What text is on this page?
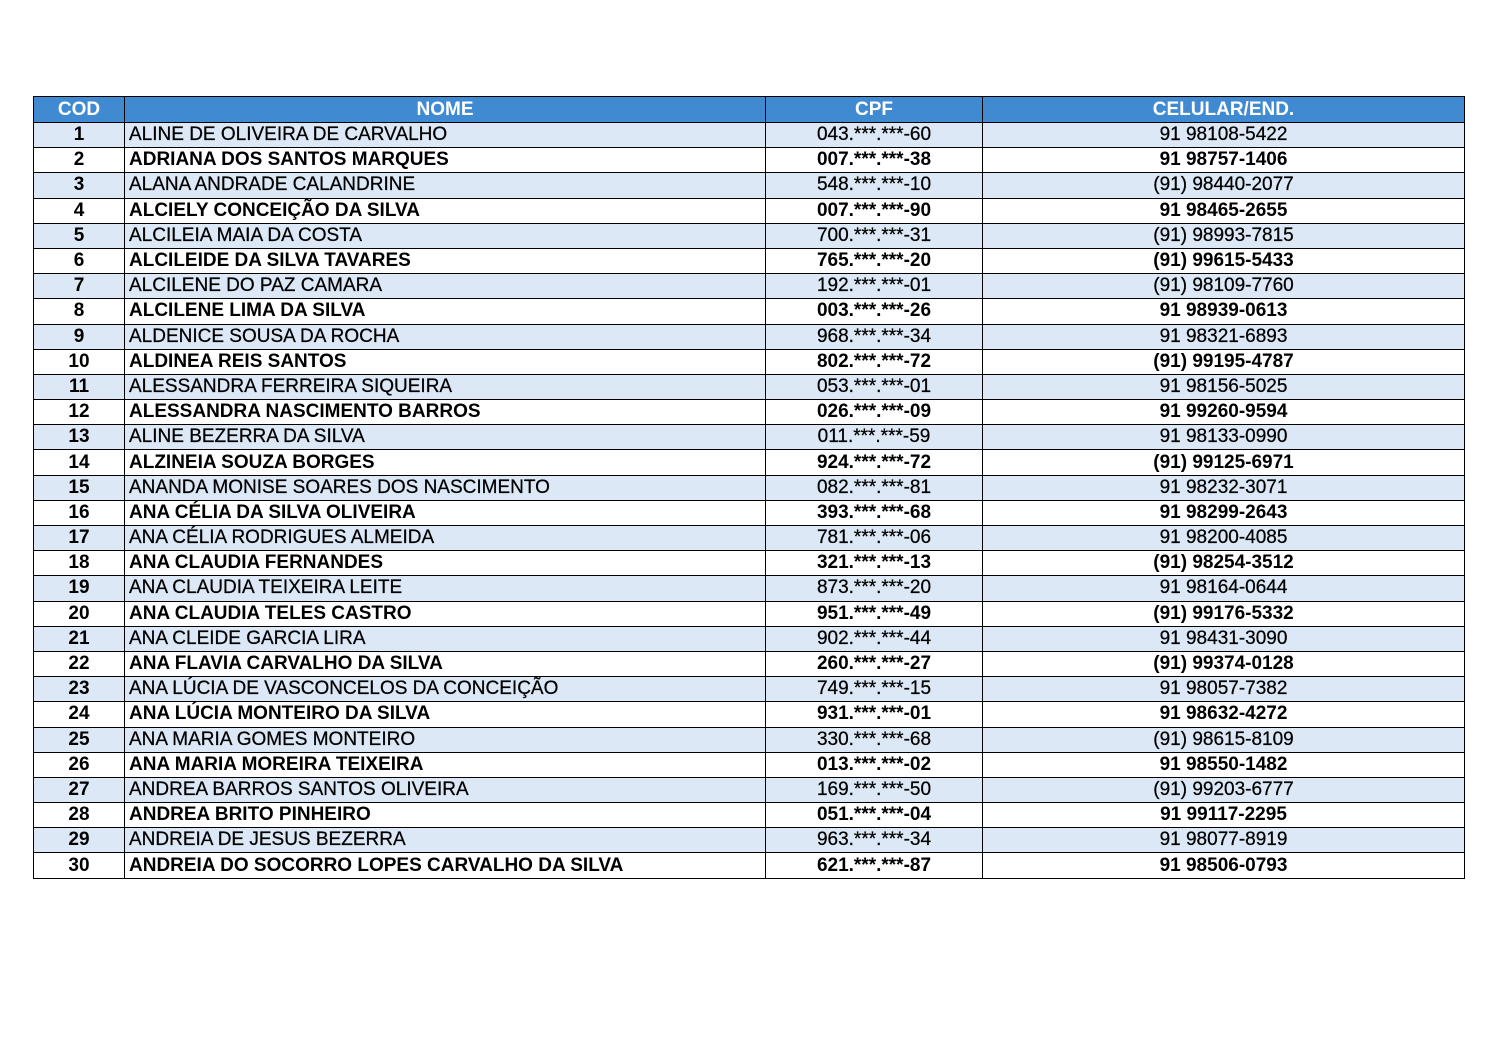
COD	NOME	CPF	CELULAR/END.
1	ALINE DE OLIVEIRA DE CARVALHO	043.***.***-60	91 98108-5422
2	ADRIANA DOS SANTOS MARQUES	007.***.***-38	91 98757-1406
3	ALANA ANDRADE CALANDRINE	548.***.***-10	(91) 98440-2077
4	ALCIELY CONCEIÇÃO DA SILVA	007.***.***-90	91 98465-2655
5	ALCILEIA MAIA DA COSTA	700.***.***-31	(91) 98993-7815
6	ALCILEIDE DA SILVA TAVARES	765.***.***-20	(91) 99615-5433
7	ALCILENE DO PAZ CAMARA	192.***.***-01	(91) 98109-7760
8	ALCILENE LIMA DA SILVA	003.***.***-26	91 98939-0613
9	ALDENICE SOUSA DA ROCHA	968.***.***-34	91 98321-6893
10	ALDINEA REIS SANTOS	802.***.***-72	(91) 99195-4787
11	ALESSANDRA FERREIRA SIQUEIRA	053.***.***-01	91 98156-5025
12	ALESSANDRA NASCIMENTO BARROS	026.***.***-09	91 99260-9594
13	ALINE BEZERRA DA SILVA	011.***.***-59	91 98133-0990
14	ALZINEIA SOUZA BORGES	924.***.***-72	(91) 99125-6971
15	ANANDA MONISE SOARES DOS NASCIMENTO	082.***.***-81	91 98232-3071
16	ANA CÉLIA DA SILVA OLIVEIRA	393.***.***-68	91 98299-2643
17	ANA CÉLIA RODRIGUES ALMEIDA	781.***.***-06	91 98200-4085
18	ANA CLAUDIA FERNANDES	321.***.***-13	(91) 98254-3512
19	ANA CLAUDIA TEIXEIRA LEITE	873.***.***-20	91 98164-0644
20	ANA CLAUDIA TELES CASTRO	951.***.***-49	(91) 99176-5332
21	ANA CLEIDE GARCIA LIRA	902.***.***-44	91 98431-3090
22	ANA FLAVIA CARVALHO DA SILVA	260.***.***-27	(91) 99374-0128
23	ANA LÚCIA DE VASCONCELOS DA CONCEIÇÃO	749.***.***-15	91 98057-7382
24	ANA LÚCIA MONTEIRO DA SILVA	931.***.***-01	91 98632-4272
25	ANA MARIA GOMES MONTEIRO	330.***.***-68	(91) 98615-8109
26	ANA MARIA MOREIRA TEIXEIRA	013.***.***-02	91 98550-1482
27	ANDREA BARROS SANTOS OLIVEIRA	169.***.***-50	(91) 99203-6777
28	ANDREA BRITO PINHEIRO	051.***.***-04	91 99117-2295
29	ANDREIA DE JESUS BEZERRA	963.***.***-34	91 98077-8919
30	ANDREIA DO SOCORRO LOPES CARVALHO DA SILVA	621.***.***-87	91 98506-0793
